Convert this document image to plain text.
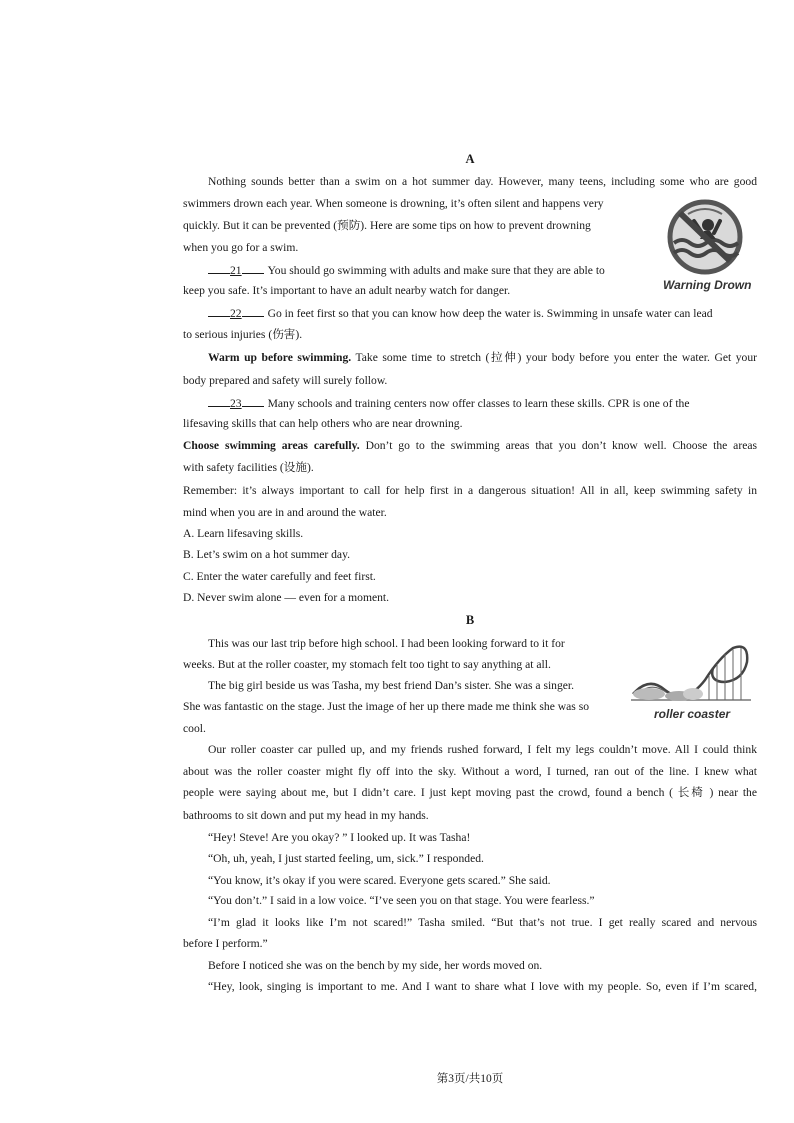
A
Nothing sounds better than a swim on a hot summer day. However, many teens, including some who are good
swimmers drown each year. When someone is drowning, it’s often silent and happens very
quickly. But it can be prevented (预防). Here are some tips on how to prevent drowning
when you go for a swim.
21 You should go swimming with adults and make sure that they are able to
keep you safe. It’s important to have an adult nearby watch for danger.
22 Go in feet first so that you can know how deep the water is. Swimming in unsafe water can lead
to serious injuries (伤害).
Warm up before swimming. Take some time to stretch (拉伸) your body before you enter the water. Get your
body prepared and safety will surely follow.
23 Many schools and training centers now offer classes to learn these skills. CPR is one of the
lifesaving skills that can help others who are near drowning.
Choose swimming areas carefully. Don’t go to the swimming areas that you don’t know well. Choose the areas
with safety facilities (设施).
Remember: it’s always important to call for help first in a dangerous situation! All in all, keep swimming safety in
mind when you are in and around the water.
A. Learn lifesaving skills.
B. Let’s swim on a hot summer day.
C. Enter the water carefully and feet first.
D. Never swim alone — even for a moment.
Warning Drown
B
This was our last trip before high school. I had been looking forward to it for
weeks. But at the roller coaster, my stomach felt too tight to say anything at all.
The big girl beside us was Tasha, my best friend Dan’s sister. She was a singer.
She was fantastic on the stage. Just the image of her up there made me think she was so
cool.
Our roller coaster car pulled up, and my friends rushed forward, I felt my legs couldn’t move. All I could think
about was the roller coaster might fly off into the sky. Without a word, I turned, ran out of the line. I knew what
people were saying about me, but I didn’t care. I just kept moving past the crowd, found a bench ( 长椅 ) near the
bathrooms to sit down and put my head in my hands.
“Hey! Steve! Are you okay? ” I looked up. It was Tasha!
“Oh, uh, yeah, I just started feeling, um, sick.” I responded.
“You know, it’s okay if you were scared. Everyone gets scared.” She said.
“You don’t.” I said in a low voice. “I’ve seen you on that stage. You were fearless.”
“I’m glad it looks like I’m not scared!” Tasha smiled. “But that’s not true. I get really scared and nervous
before I perform.”
Before I noticed she was on the bench by my side, her words moved on.
“Hey, look, singing is important to me. And I want to share what I love with my people. So, even if I’m scared,
roller coaster
第3页/共10页
